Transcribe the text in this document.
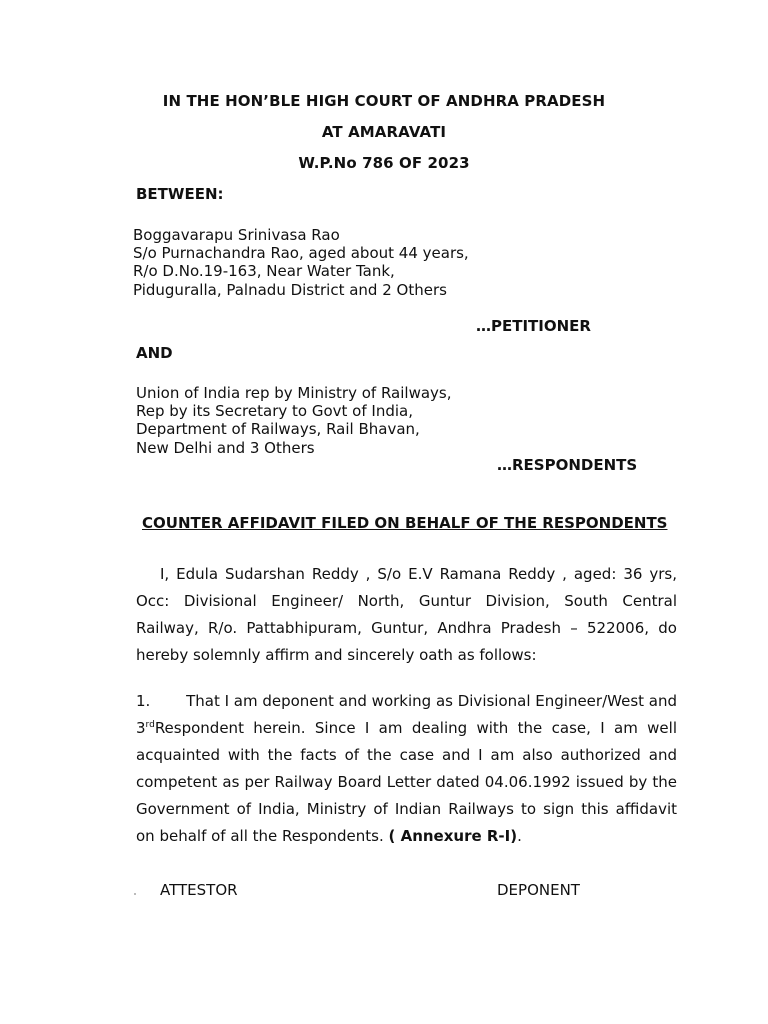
IN THE HON’BLE HIGH COURT OF ANDHRA PRADESH
AT AMARAVATI
W.P.No 786 OF 2023
BETWEEN:
Boggavarapu Srinivasa Rao
S/o Purnachandra Rao, aged about 44 years,
R/o D.No.19-163, Near Water Tank,
Piduguralla, Palnadu District and 2 Others
…PETITIONER
AND
Union of India rep by Ministry of Railways,
Rep by its Secretary to Govt of India,
Department of Railways, Rail Bhavan,
New Delhi and 3 Others
…RESPONDENTS
COUNTER AFFIDAVIT FILED ON BEHALF OF THE RESPONDENTS
I, Edula Sudarshan Reddy , S/o E.V Ramana Reddy , aged: 36 yrs,
Occ: Divisional Engineer/ North, Guntur Division, South Central
Railway, R/o. Pattabhipuram, Guntur, Andhra Pradesh – 522006, do
hereby solemnly affirm and sincerely oath as follows:
1. That I am deponent and working as Divisional Engineer/West and
3rd Respondent herein. Since I am dealing with the case, I am well
acquainted with the facts of the case and I am also authorized and
competent as per Railway Board Letter dated 04.06.1992 issued by the
Government of India, Ministry of Indian Railways to sign this affidavit
on behalf of all the Respondents. ( Annexure R-I).
ATTESTOR	DEPONENT
